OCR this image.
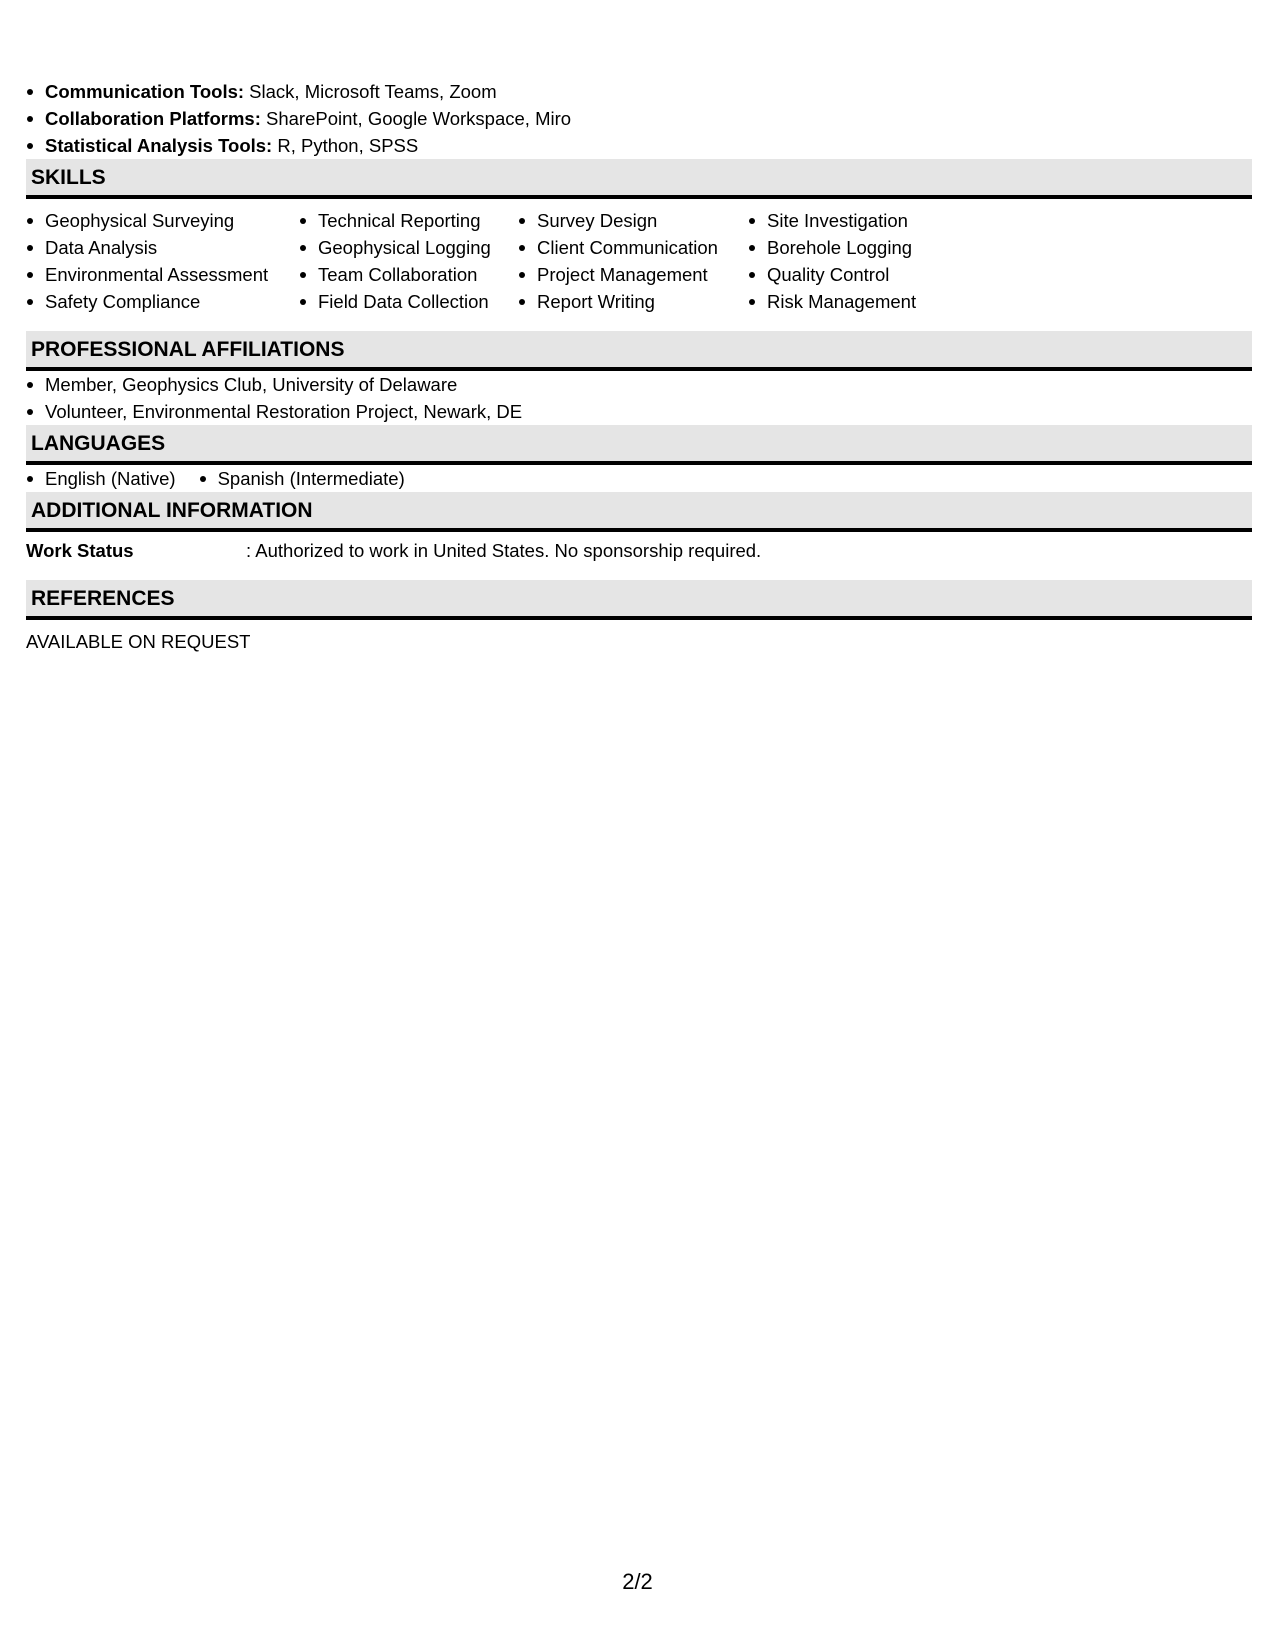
Communication Tools: Slack, Microsoft Teams, Zoom
Collaboration Platforms: SharePoint, Google Workspace, Miro
Statistical Analysis Tools: R, Python, SPSS
SKILLS
Geophysical Surveying
Data Analysis
Environmental Assessment
Safety Compliance
Technical Reporting
Geophysical Logging
Team Collaboration
Field Data Collection
Survey Design
Client Communication
Project Management
Report Writing
Site Investigation
Borehole Logging
Quality Control
Risk Management
PROFESSIONAL AFFILIATIONS
Member, Geophysics Club, University of Delaware
Volunteer, Environmental Restoration Project, Newark, DE
LANGUAGES
English (Native)	Spanish (Intermediate)
ADDITIONAL INFORMATION
Work Status	: Authorized to work in United States. No sponsorship required.
REFERENCES
AVAILABLE ON REQUEST
2/2
